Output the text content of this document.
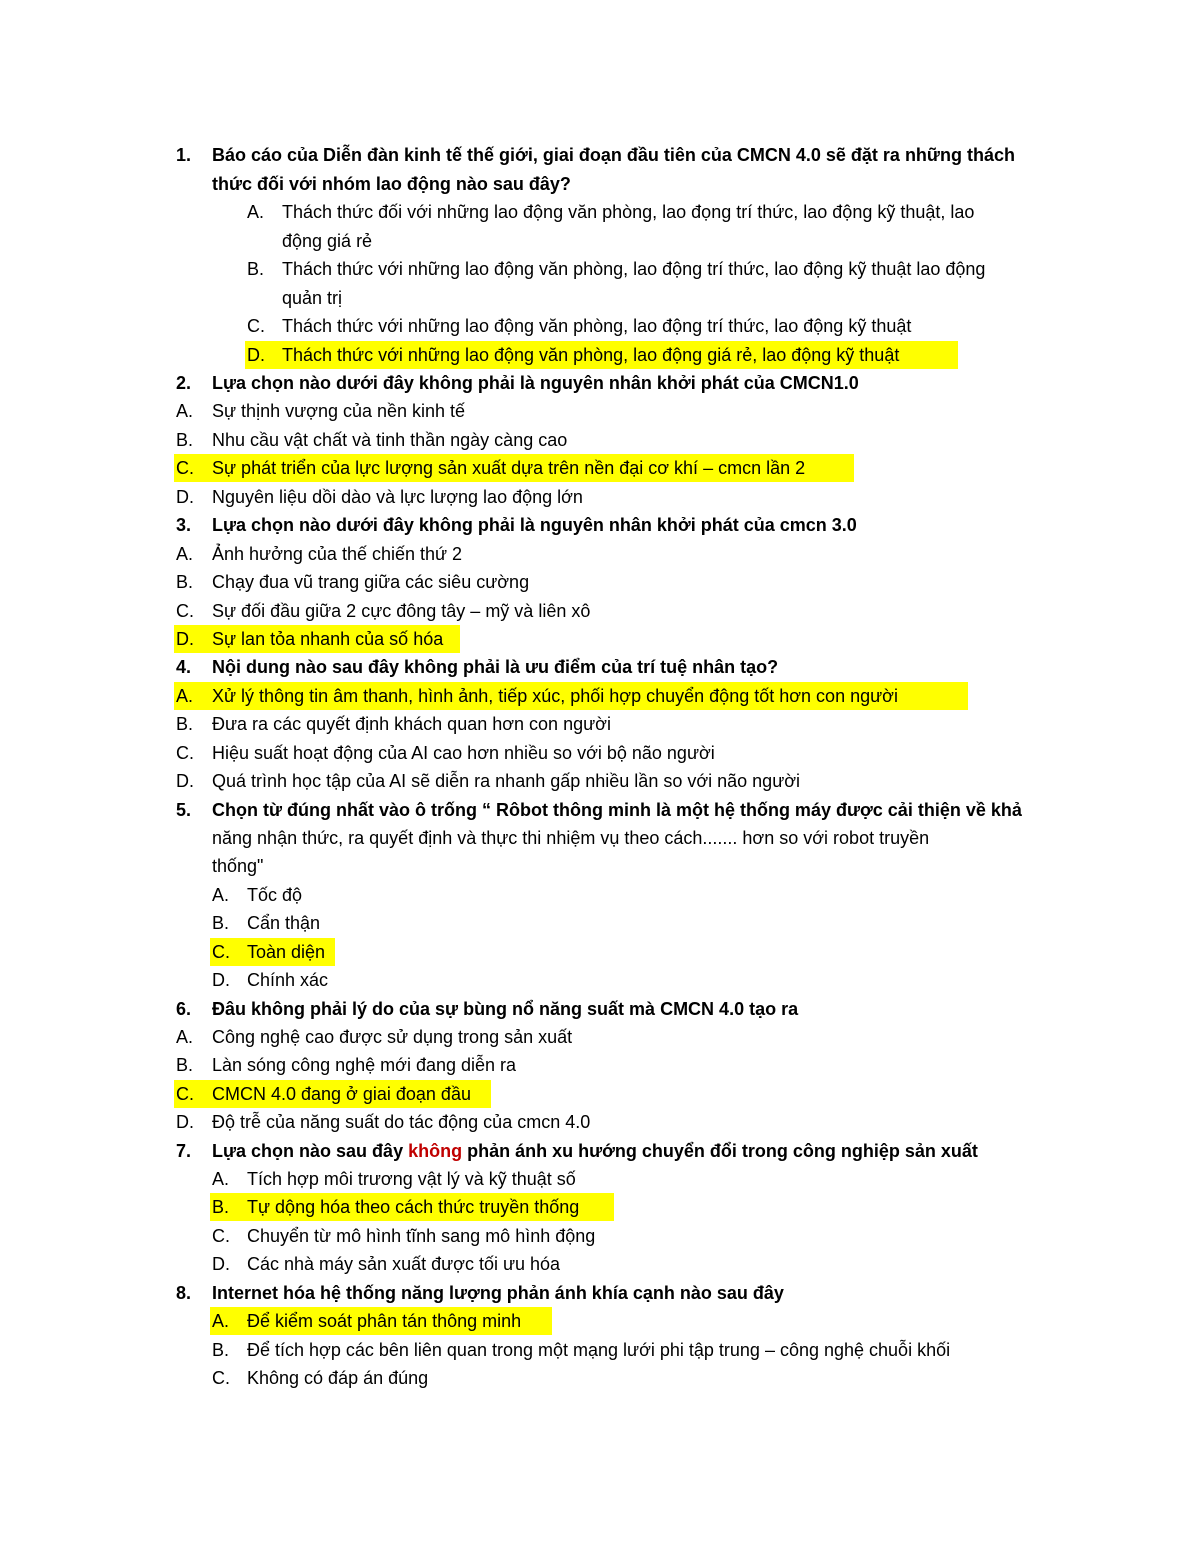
1. Báo cáo của Diễn đàn kinh tế thế giới, giai đoạn đầu tiên của CMCN 4.0 sẽ đặt ra những thách
thức đối với nhóm lao động nào sau đây?
A. Thách thức đối với những lao động văn phòng, lao đọng trí thức, lao động kỹ thuật, lao
động giá rẻ
B. Thách thức với những lao động văn phòng, lao động trí thức, lao động kỹ thuật lao động
quản trị
C. Thách thức với những lao động văn phòng, lao động trí thức, lao động kỹ thuật
D. Thách thức với những lao động văn phòng, lao động giá rẻ, lao động kỹ thuật
2. Lựa chọn nào dưới đây không phải là nguyên nhân khởi phát của CMCN1.0
A. Sự thịnh vượng của nền kinh tế
B. Nhu cầu vật chất và tinh thần ngày càng cao
C. Sự phát triển của lực lượng sản xuất dựa trên nền đại cơ khí – cmcn lần 2
D. Nguyên liệu dồi dào và lực lượng lao động lớn
3. Lựa chọn nào dưới đây không phải là nguyên nhân khởi phát của cmcn 3.0
A. Ảnh hưởng của thế chiến thứ 2
B. Chạy đua vũ trang giữa các siêu cường
C. Sự đối đầu giữa 2 cực đông tây – mỹ và liên xô
D. Sự lan tỏa nhanh của số hóa
4. Nội dung nào sau đây không phải là ưu điểm của trí tuệ nhân tạo?
A. Xử lý thông tin âm thanh, hình ảnh, tiếp xúc, phối hợp chuyển động tốt hơn con người
B. Đưa ra các quyết định khách quan hơn con người
C. Hiệu suất hoạt động của AI cao hơn nhiều so với bộ não người
D. Quá trình học tập của AI sẽ diễn ra nhanh gấp nhiều lần so với não người
5. Chọn từ đúng nhất vào ô trống “ Rôbot thông minh là một hệ thống máy được cải thiện về khả
năng nhận thức, ra quyết định và thực thi nhiệm vụ theo cách....... hơn so với robot truyền
thống"
A. Tốc độ
B. Cẩn thận
C. Toàn diện
D. Chính xác
6. Đâu không phải lý do của sự bùng nổ năng suất mà CMCN 4.0 tạo ra
A. Công nghệ cao được sử dụng trong sản xuất
B. Làn sóng công nghệ mới đang diễn ra
C. CMCN 4.0 đang ở giai đoạn đầu
D. Độ trễ của năng suất do tác động của cmcn 4.0
7. Lựa chọn nào sau đây không phản ánh xu hướng chuyển đổi trong công nghiệp sản xuất
A. Tích hợp môi trương vật lý và kỹ thuật số
B. Tự dộng hóa theo cách thức truyền thống
C. Chuyển từ mô hình tĩnh sang mô hình động
D. Các nhà máy sản xuất được tối ưu hóa
8. Internet hóa hệ thống năng lượng phản ánh khía cạnh nào sau đây
A. Để kiểm soát phân tán thông minh
B. Để tích hợp các bên liên quan trong một mạng lưới phi tập trung – công nghệ chuỗi khối
C. Không có đáp án đúng
